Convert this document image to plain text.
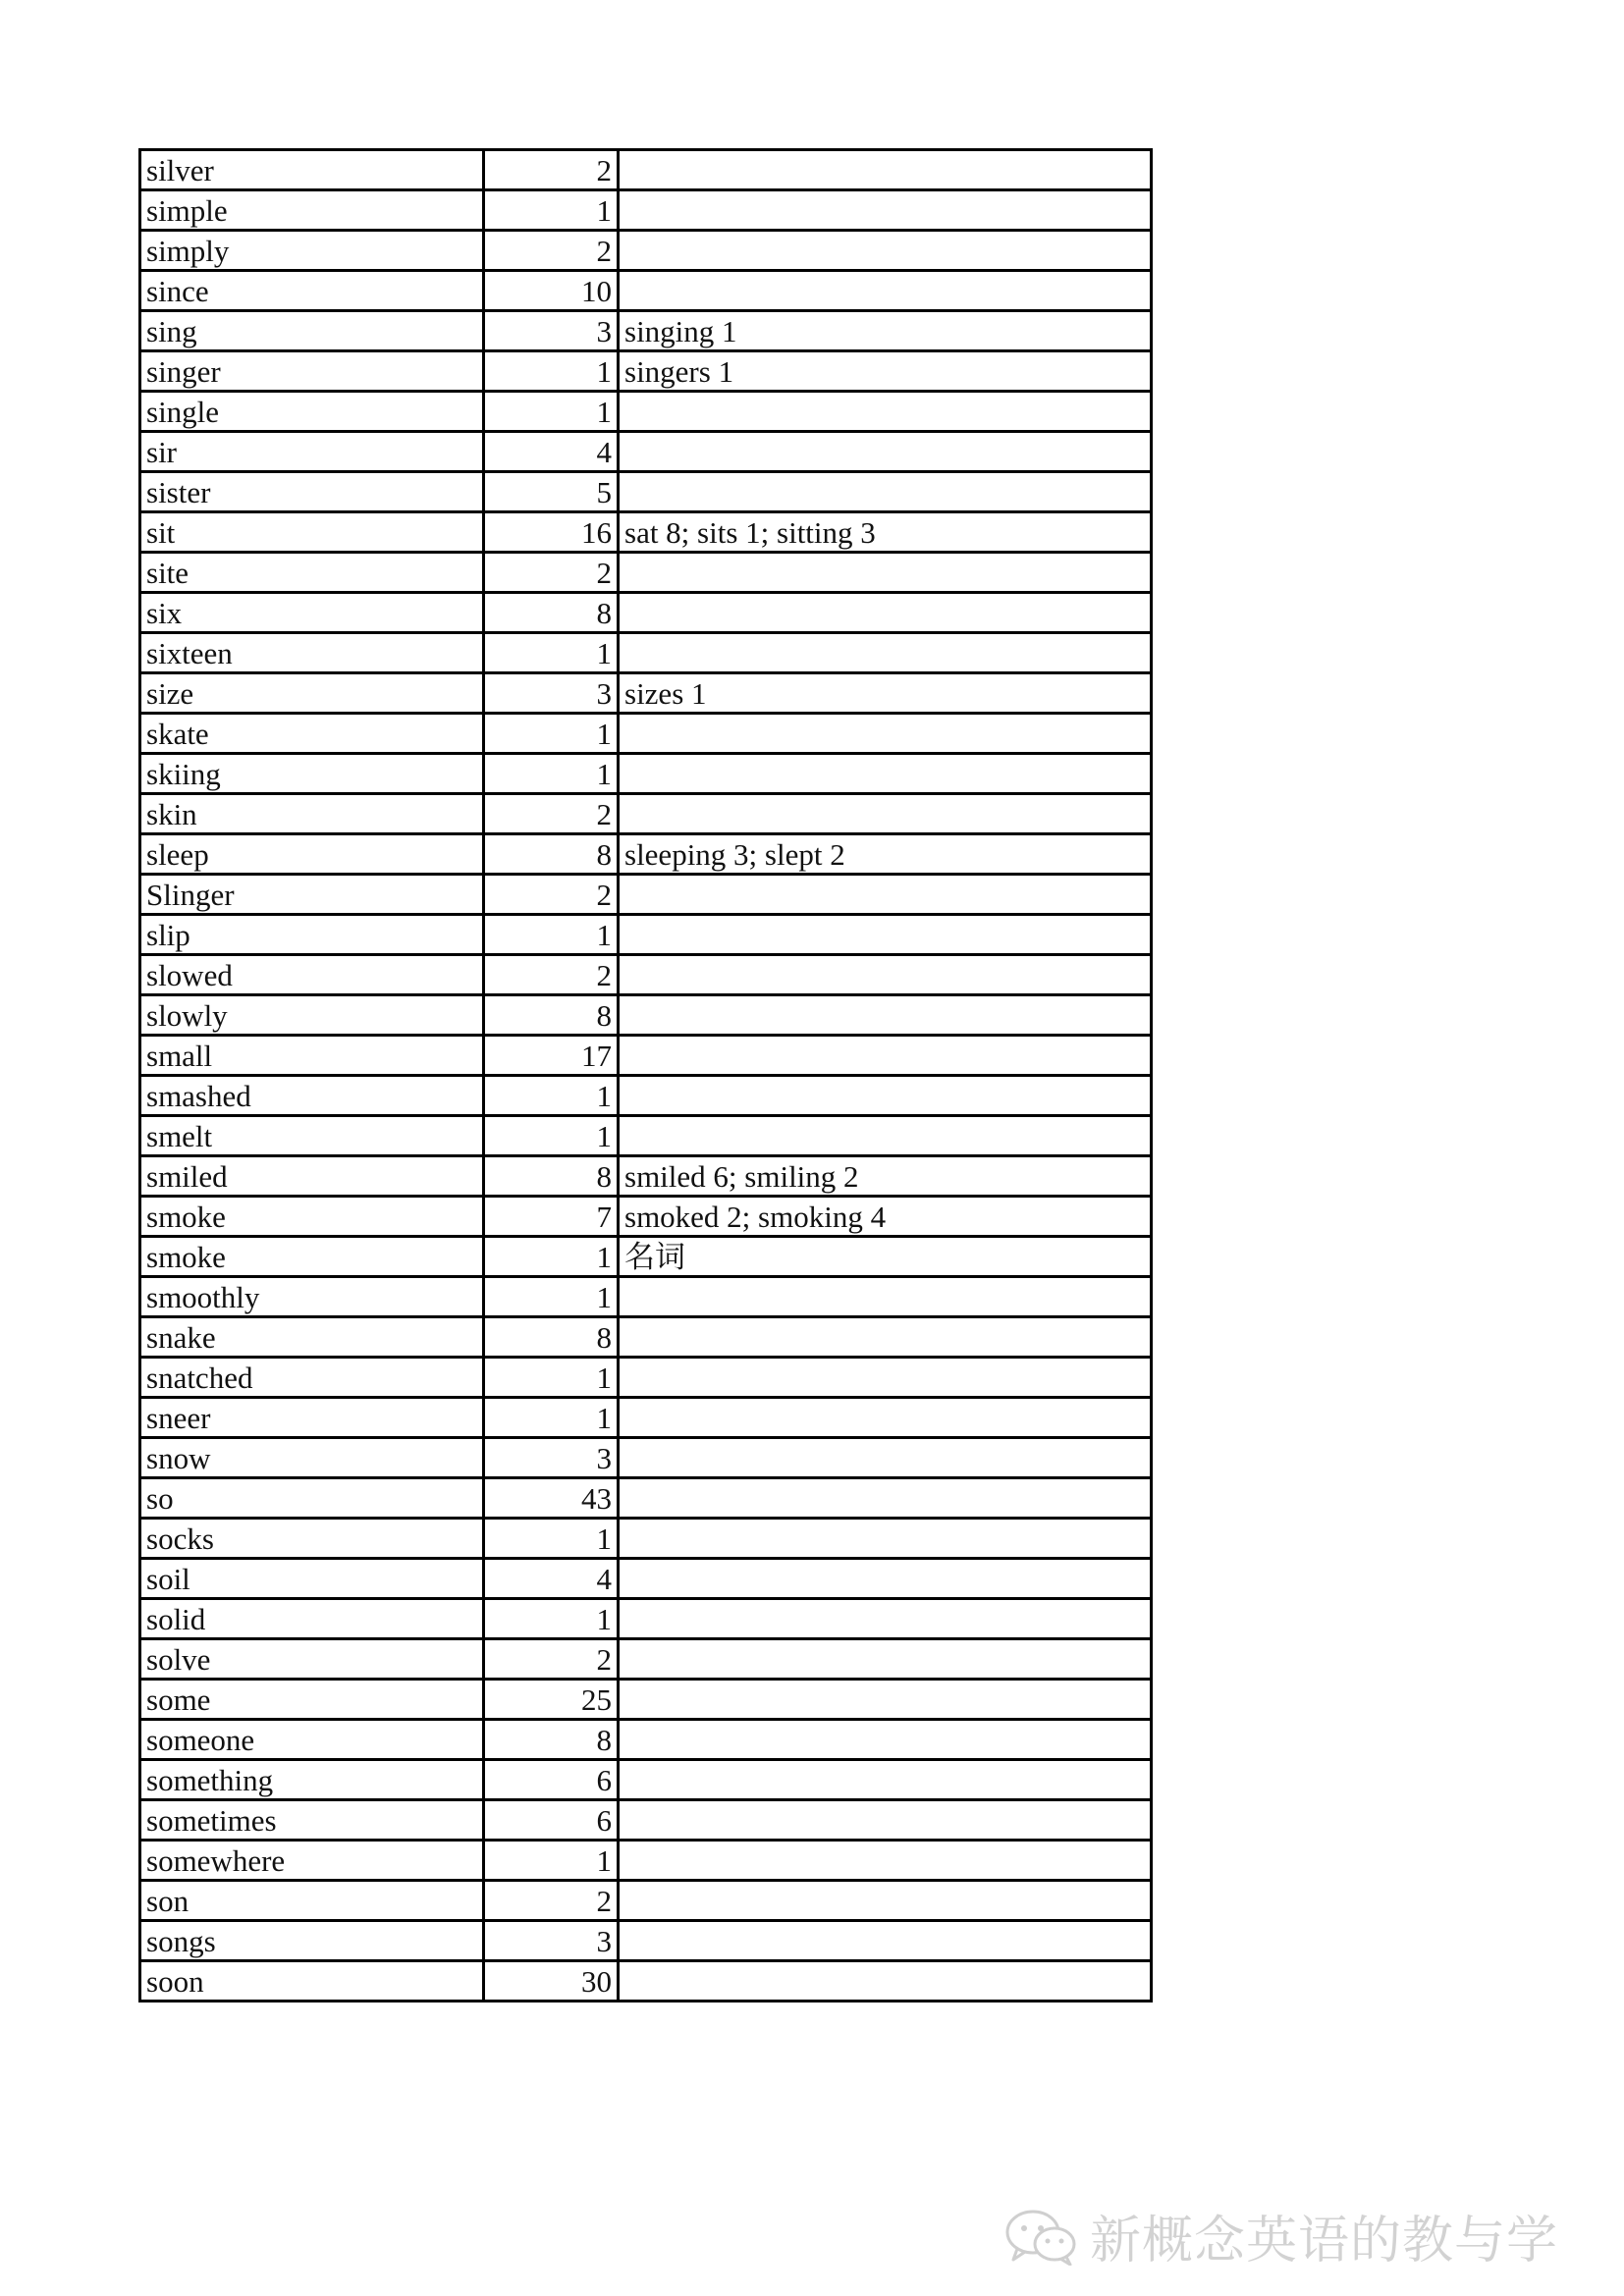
silver	2	
simple	1	
simply	2	
since	10	
sing	3	singing 1
singer	1	singers 1
single	1	
sir	4	
sister	5	
sit	16	sat 8; sits 1; sitting 3
site	2	
six	8	
sixteen	1	
size	3	sizes 1
skate	1	
skiing	1	
skin	2	
sleep	8	sleeping 3; slept 2
Slinger	2	
slip	1	
slowed	2	
slowly	8	
small	17	
smashed	1	
smelt	1	
smiled	8	smiled 6; smiling 2
smoke	7	smoked 2; smoking 4
smoke	1	名词
smoothly	1	
snake	8	
snatched	1	
sneer	1	
snow	3	
so	43	
socks	1	
soil	4	
solid	1	
solve	2	
some	25	
someone	8	
something	6	
sometimes	6	
somewhere	1	
son	2	
songs	3	
soon	30	
新概念英语的教与学
